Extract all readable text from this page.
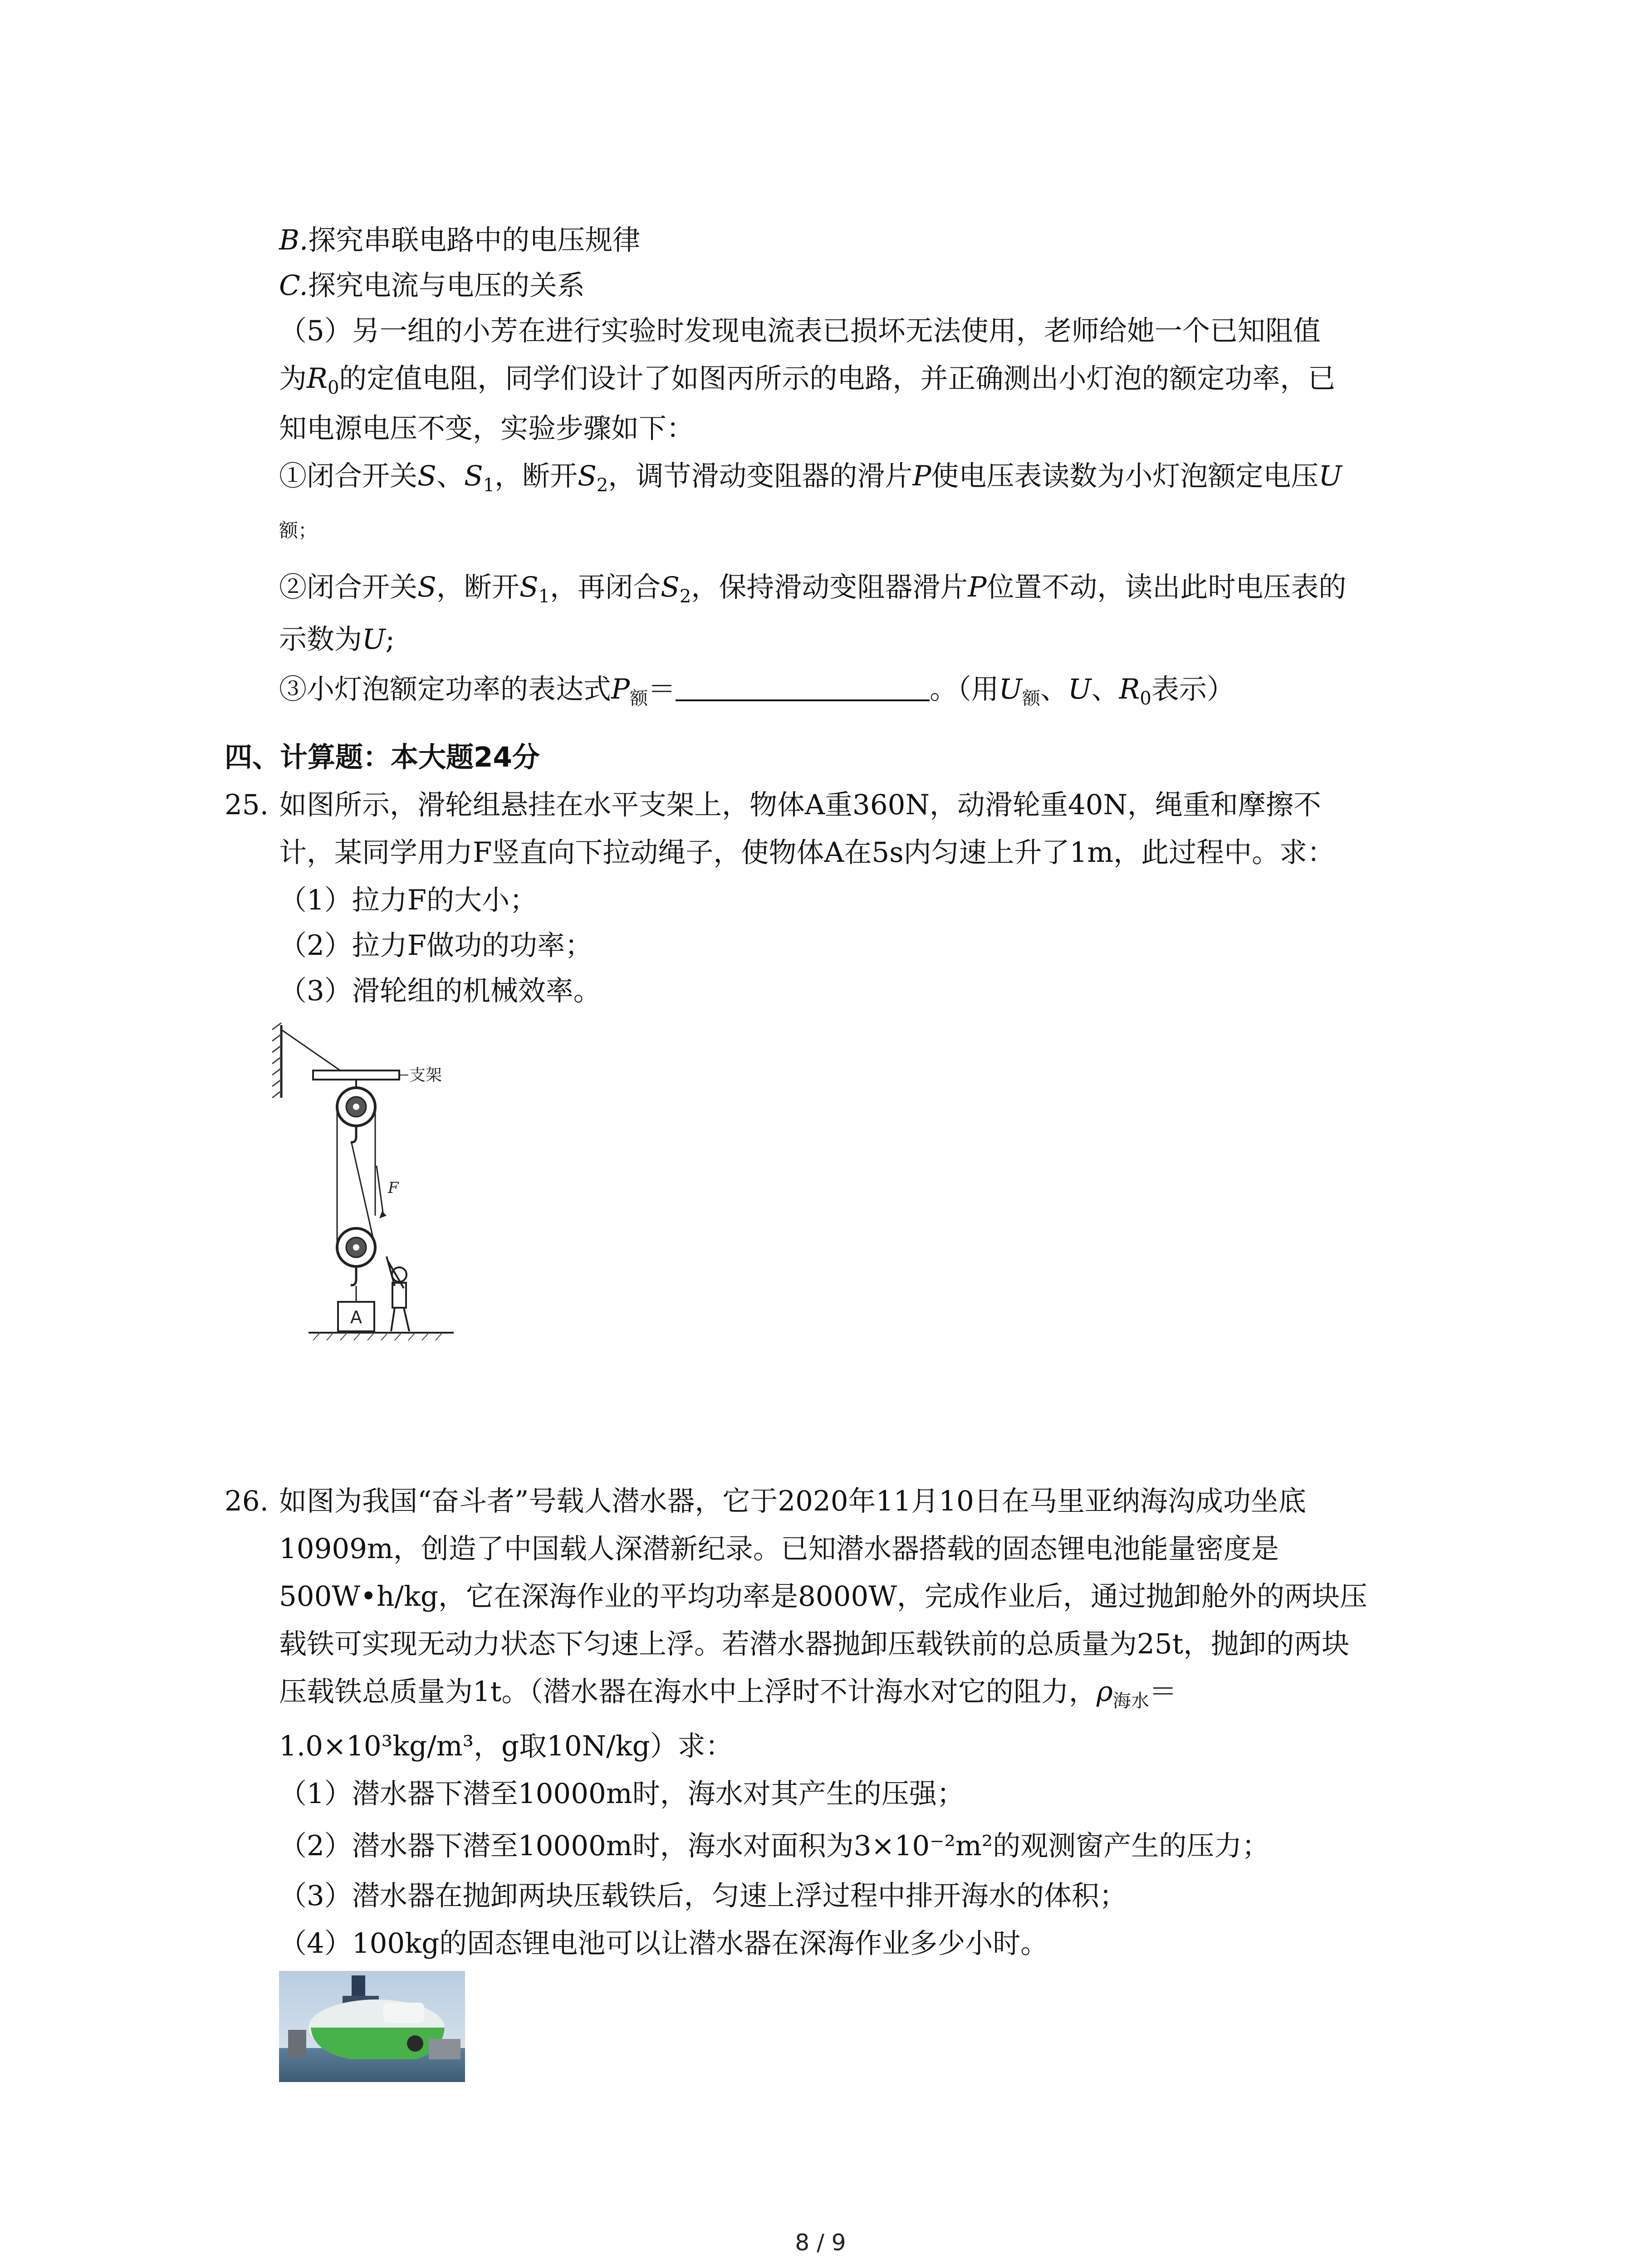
B.探究串联电路中的电压规律
C.探究电流与电压的关系
（5）另一组的小芳在进行实验时发现电流表已损坏无法使用，老师给她一个已知阻值
为$R_0$的定值电阻，同学们设计了如图丙所示的电路，并正确测出小灯泡的额定功率，已
知电源电压不变，实验步骤如下：
①闭合开关S、$S_1$，断开$S_2$，调节滑动变阻器的滑片P使电压表读数为小灯泡额定电压U
额；
②闭合开关S，断开$S_1$，再闭合$S_2$，保持滑动变阻器滑片P位置不动，读出此时电压表的
示数为U;
③小灯泡额定功率的表达式$P_额=$	。（用$U_额$、U、$R_0$表示）
四、计算题：本大题24分
25. 如图所示，滑轮组悬挂在水平支架上，物体A重360N，动滑轮重40N，绳重和摩擦不
计，某同学用力F竖直向下拉动绳子，使物体A在5s内匀速上升了1m，此过程中。求：
（1）拉力F的大小；
（2）拉力F做功的功率；
（3）滑轮组的机械效率。
支架
F
A
26. 如图为我国“奋斗者”号载人潜水器，它于2020年11月10日在马里亚纳海沟成功坐底
10909m，创造了中国载人深潜新纪录。已知潜水器搭载的固态锂电池能量密度是
500W•h/kg，它在深海作业的平均功率是8000W，完成作业后，通过抛卸舱外的两块压
载铁可实现无动力状态下匀速上浮。若潜水器抛卸压载铁前的总质量为25t，抛卸的两块
压载铁总质量为1t。（潜水器在海水中上浮时不计海水对它的阻力，$\rho_{海水}=$
1.0×10³kg/m³，g取10N/kg）求：
（1）潜水器下潜至10000m时，海水对其产生的压强；
（2）潜水器下潜至10000m时，海水对面积为3×10⁻²m²的观测窗产生的压力；
（3）潜水器在抛卸两块压载铁后，匀速上浮过程中排开海水的体积；
（4）100kg的固态锂电池可以让潜水器在深海作业多少小时。
8 / 9
